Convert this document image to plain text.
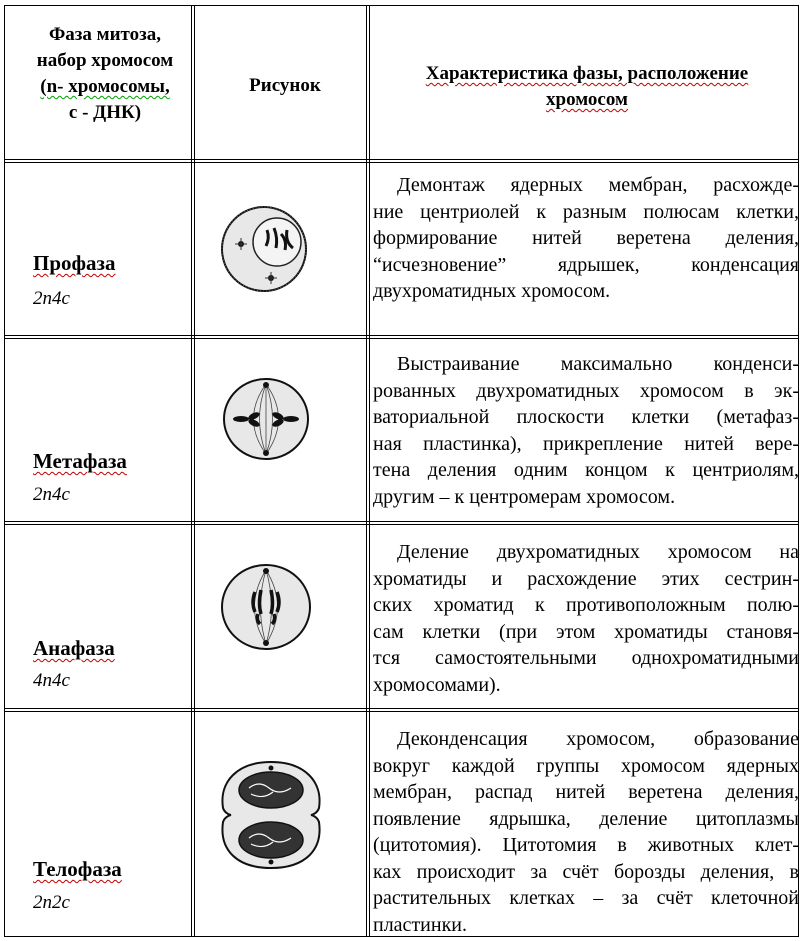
Фаза митоза,
набор хромосом
(n- хромосомы,
c - ДНК)
Рисунок
Характеристика фазы, расположение
хромосом
Профаза
2n4c
Демонтаж ядерных мембран, расхожде-
ние центриолей к разным полюсам клетки,
формирование нитей веретена деления,
“исчезновение” ядрышек, конденсация
двухроматидных хромосом.
Метафаза
2n4c
Выстраивание максимально конденси-
рованных двухроматидных хромосом в эк-
ваториальной плоскости клетки (метафаз-
ная пластинка), прикрепление нитей вере-
тена деления одним концом к центриолям,
другим – к центромерам хромосом.
Анафаза
4n4c
Деление двухроматидных хромосом на
хроматиды и расхождение этих сестрин-
ских хроматид к противоположным полю-
сам клетки (при этом хроматиды становя-
тся самостоятельными однохроматидными
хромосомами).
Телофаза
2n2c
Деконденсация хромосом, образование
вокруг каждой группы хромосом ядерных
мембран, распад нитей веретена деления,
появление ядрышка, деление цитоплазмы
(цитотомия). Цитотомия в животных клет-
ках происходит за счёт борозды деления, в
растительных клетках – за счёт клеточной
пластинки.
